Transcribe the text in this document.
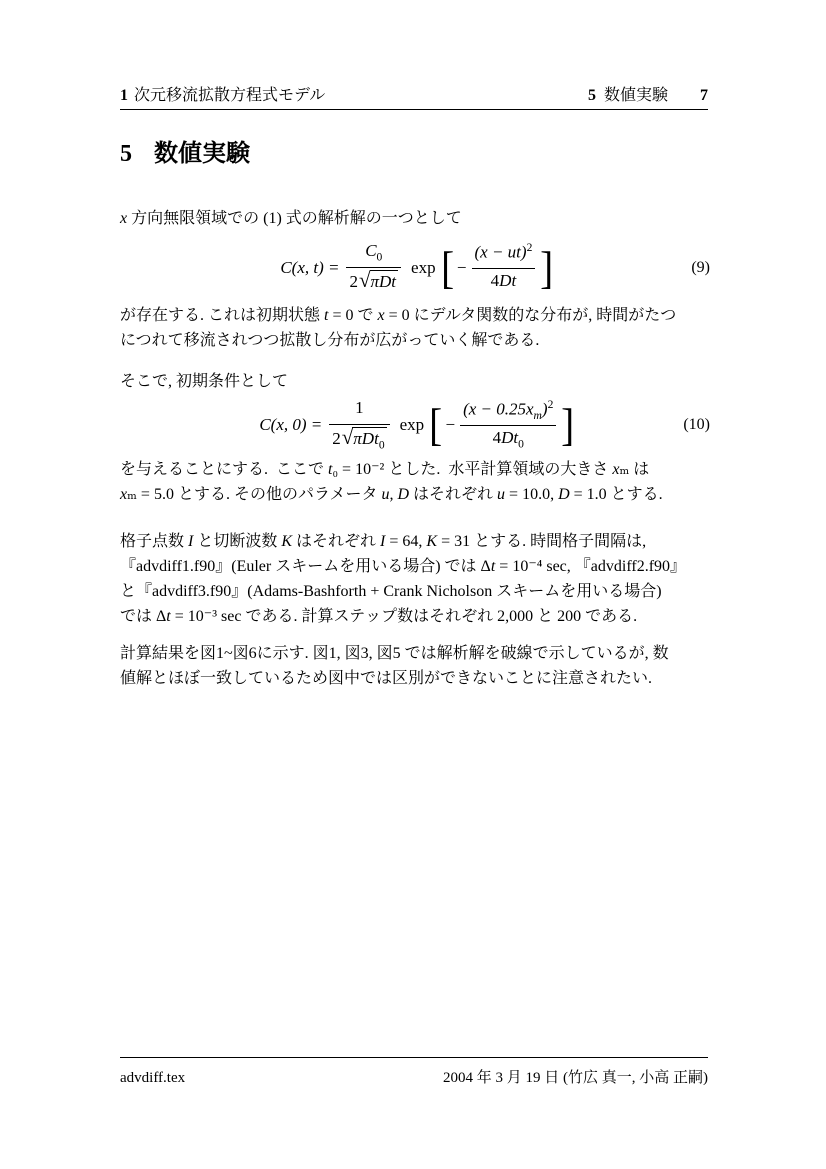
1 次元移流拡散方程式モデル	5 数値実験 7
5 数値実験
x 方向無限領域での (1) 式の解析解の一つとして
C(x, $t) = \frac{C_0}{\text{2 √ πDt}}$ exp [ − $\frac{(x - ut)^2}{4Dt}$ ]	(9)
が存在する. これは初期状態 t = 0 で x = 0 にデルタ関数的な分布が, 時間がたつ
につれて移流されつつ拡散し分布が広がっていく解である.
そこで, 初期条件として
C(x, $0) = \frac{1}{2 √ \pi Dt_0}$ exp [ − $\frac{(x - 0.25x_m)^2}{4Dt_0}$ ]	(10)
を与えることにする.  ここで t₀ = 10⁻² とした.  水平計算領域の大きさ xₘ は
xₘ = 5.0 とする. その他のパラメータ u, D はそれぞれ u = 10.0, D = 1.0 とする.
格子点数 I と切断波数 K はそれぞれ I = 64, K = 31 とする. 時間格子間隔は,
『advdiff1.f90』(Euler スキームを用いる場合) では Δt = 10⁻⁴ sec, 『advdiff2.f90』
と『advdiff3.f90』(Adams-Bashforth + Crank Nicholson スキームを用いる場合)
では Δt = 10⁻³ sec である. 計算ステップ数はそれぞれ 2,000 と 200 である.
計算結果を図1~図6に示す. 図1, 図3, 図5 では解析解を破線で示しているが, 数
値解とほぼ一致しているため図中では区別ができないことに注意されたい.
advdiff.tex	2004 年 3 月 19 日 (竹広 真一, 小高 正嗣)
